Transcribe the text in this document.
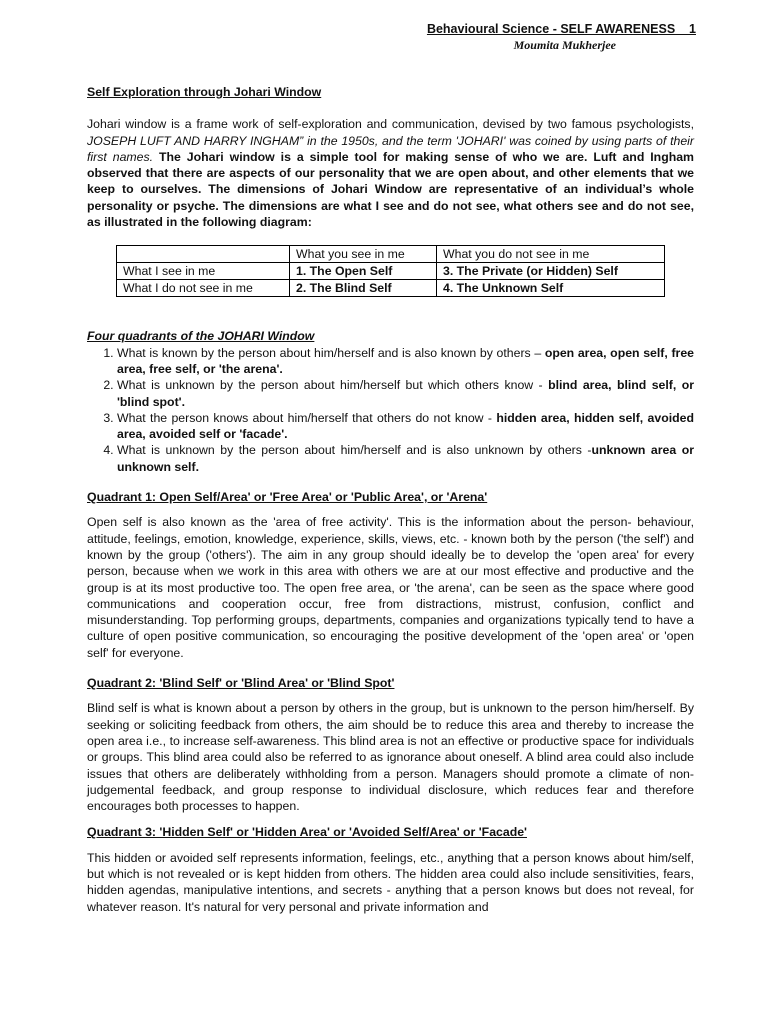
Behavioural Science - SELF AWARENESS    1
Moumita Mukherjee

Self Exploration through Johari Window

Johari window is a frame work of self-exploration and communication, devised by two famous psychologists, JOSEPH LUFT AND HARRY INGHAM” in the 1950s, and the term 'JOHARI' was coined by using parts of their first names. The Johari window is a simple tool for making sense of who we are. Luft and Ingham observed that there are aspects of our personality that we are open about, and other elements that we keep to ourselves. The dimensions of Johari Window are representative of an individual’s whole personality or psyche. The dimensions are what I see and do not see, what others see and do not see, as illustrated in the following diagram:

	What you see in me	What you do not see in me
What I see in me	1. The Open Self	3. The Private (or Hidden) Self
What I do not see in me	2. The Blind Self	4. The Unknown Self

Four quadrants of the JOHARI Window

1. What is known by the person about him/herself and is also known by others – open area, open self, free area, free self, or 'the arena'.
2. What is unknown by the person about him/herself but which others know - blind area, blind self, or 'blind spot'.
3. What the person knows about him/herself that others do not know - hidden area, hidden self, avoided area, avoided self or 'facade'.
4. What is unknown by the person about him/herself and is also unknown by others -unknown area or unknown self.

Quadrant 1: Open Self/Area' or 'Free Area' or 'Public Area', or 'Arena'

Open self is also known as the 'area of free activity'. This is the information about the person- behaviour, attitude, feelings, emotion, knowledge, experience, skills, views, etc. - known both by the person ('the self') and known by the group ('others'). The aim in any group should ideally be to develop the 'open area' for every person, because when we work in this area with others we are at our most effective and productive and the group is at its most productive too. The open free area, or 'the arena', can be seen as the space where good communications and cooperation occur, free from distractions, mistrust, confusion, conflict and misunderstanding. Top performing groups, departments, companies and organizations typically tend to have a culture of open positive communication, so encouraging the positive development of the 'open area' or 'open self' for everyone.

Quadrant 2: 'Blind Self' or 'Blind Area' or 'Blind Spot'

Blind self is what is known about a person by others in the group, but is unknown to the person him/herself. By seeking or soliciting feedback from others, the aim should be to reduce this area and thereby to increase the open area i.e., to increase self-awareness. This blind area is not an effective or productive space for individuals or groups. This blind area could also be referred to as ignorance about oneself. A blind area could also include issues that others are deliberately withholding from a person. Managers should promote a climate of non-judgemental feedback, and group response to individual disclosure, which reduces fear and therefore encourages both processes to happen.

Quadrant 3: 'Hidden Self' or 'Hidden Area' or 'Avoided Self/Area' or 'Facade'

This hidden or avoided self represents information, feelings, etc., anything that a person knows about him/self, but which is not revealed or is kept hidden from others. The hidden area could also include sensitivities, fears, hidden agendas, manipulative intentions, and secrets - anything that a person knows but does not reveal, for whatever reason. It's natural for very personal and private information and
